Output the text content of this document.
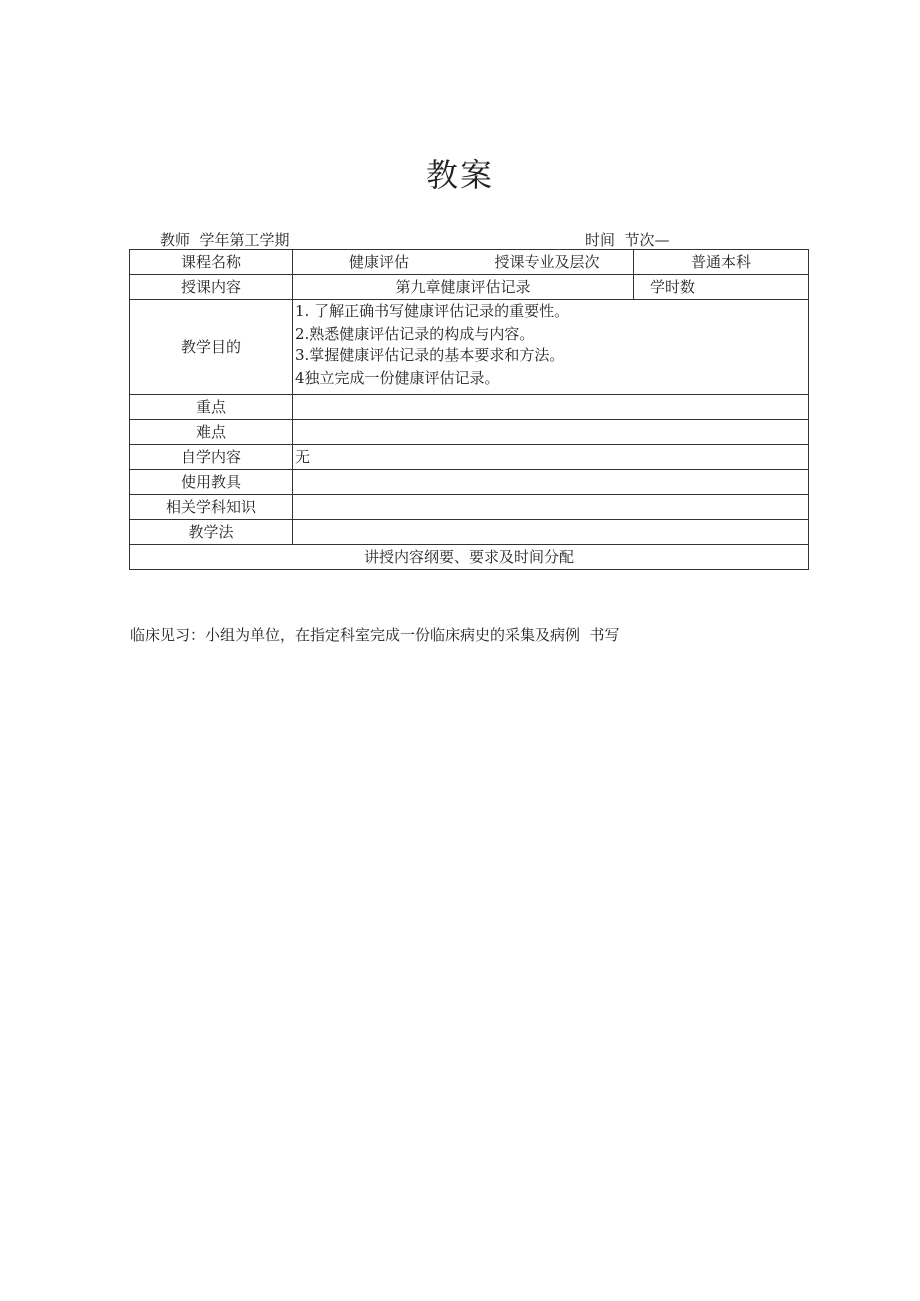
教案
教师  学年第工学期	时间  节次—
课程名称	健康评估 授课专业及层次	普通本科
授课内容	第九章健康评估记录	学时数
教学目的	1. 了解正确书写健康评估记录的重要性。
2.熟悉健康评估记录的构成与内容。
3.掌握健康评估记录的基本要求和方法。
4独立完成一份健康评估记录。	

重点		
难点		
自学内容	无	
使用教具		
相关学科知识		
教学法		
讲授内容纲要、要求及时间分配		
临床见习：小组为单位，在指定科室完成一份临床病史的采集及病例  书写
